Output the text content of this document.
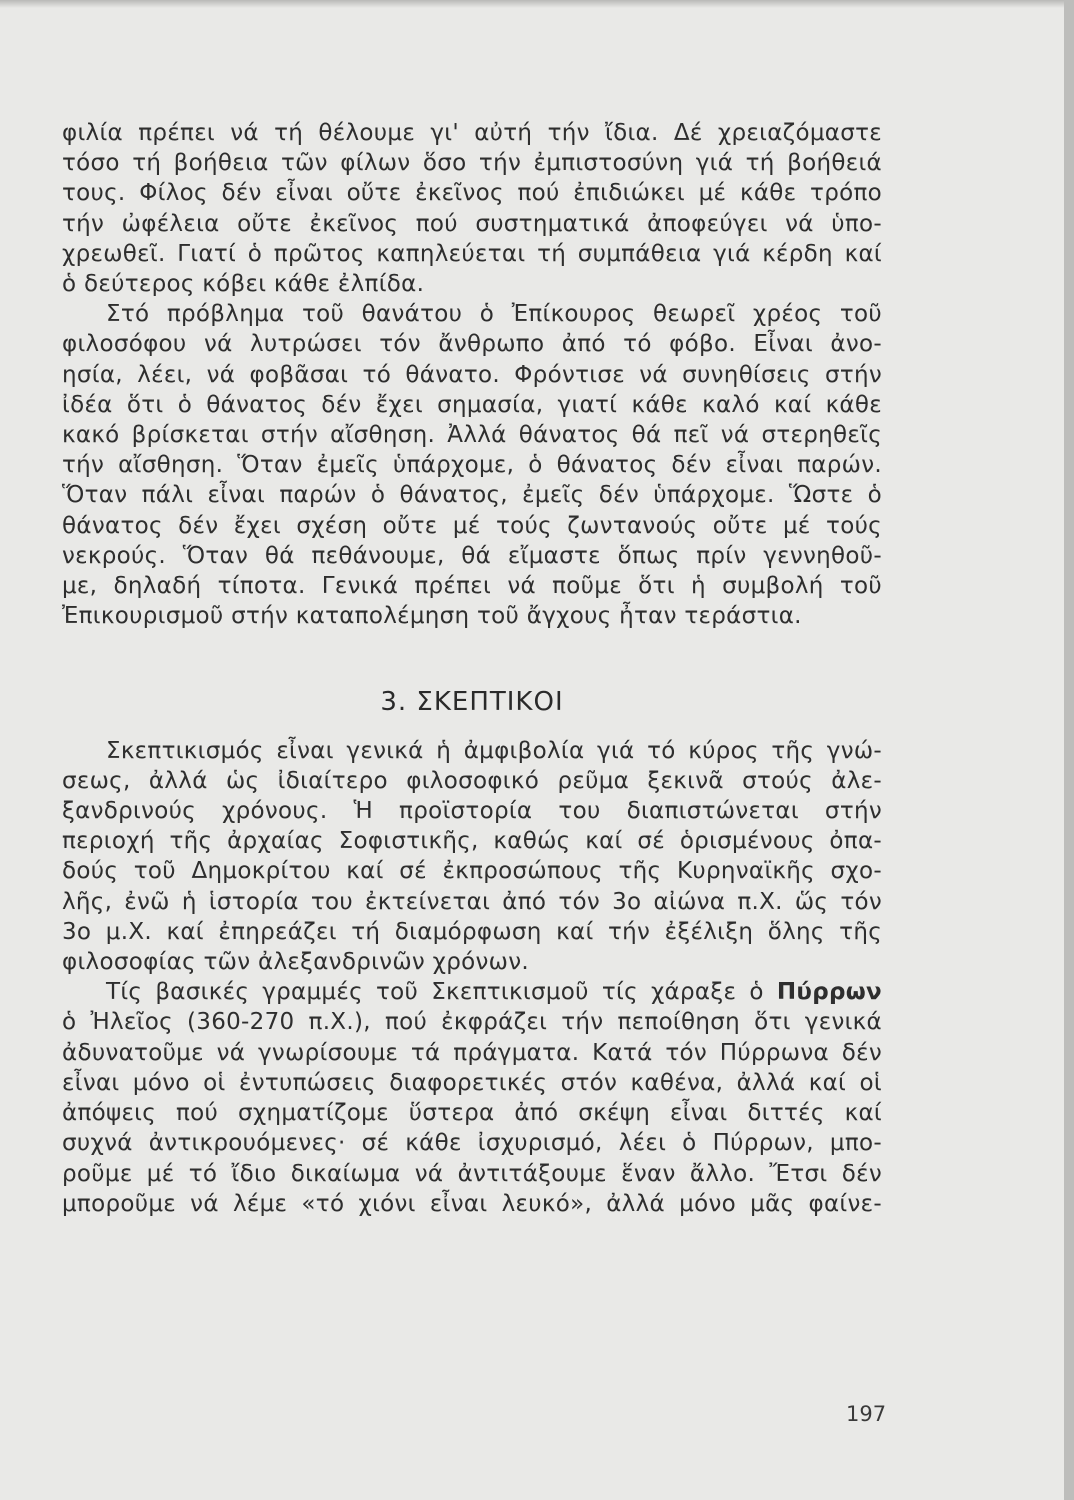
φιλία πρέπει νά τή θέλουμε γι' αὐτή τήν ἴδια. Δέ χρειαζόμαστε
τόσο τή βοήθεια τῶν φίλων ὅσο τήν ἐμπιστοσύνη γιά τή βοήθειά
τους. Φίλος δέν εἶναι οὔτε ἐκεῖνος πού ἐπιδιώκει μέ κάθε τρόπο
τήν ὠφέλεια οὔτε ἐκεῖνος πού συστηματικά ἀποφεύγει νά ὑπο-
χρεωθεῖ. Γιατί ὁ πρῶτος καπηλεύεται τή συμπάθεια γιά κέρδη καί
ὁ δεύτερος κόβει κάθε ἐλπίδα.

Στό πρόβλημα τοῦ θανάτου ὁ Ἐπίκουρος θεωρεῖ χρέος τοῦ
φιλοσόφου νά λυτρώσει τόν ἄνθρωπο ἀπό τό φόβο. Εἶναι ἀνο-
ησία, λέει, νά φοβᾶσαι τό θάνατο. Φρόντισε νά συνηθίσεις στήν
ἰδέα ὅτι ὁ θάνατος δέν ἔχει σημασία, γιατί κάθε καλό καί κάθε
κακό βρίσκεται στήν αἴσθηση. Ἀλλά θάνατος θά πεῖ νά στερηθεῖς
τήν αἴσθηση. Ὅταν ἐμεῖς ὑπάρχομε, ὁ θάνατος δέν εἶναι παρών.
Ὅταν πάλι εἶναι παρών ὁ θάνατος, ἐμεῖς δέν ὑπάρχομε. Ὥστε ὁ
θάνατος δέν ἔχει σχέση οὔτε μέ τούς ζωντανούς οὔτε μέ τούς
νεκρούς. Ὅταν θά πεθάνουμε, θά εἴμαστε ὅπως πρίν γεννηθοῦ-
με, δηλαδή τίποτα. Γενικά πρέπει νά ποῦμε ὅτι ἡ συμβολή τοῦ
Ἐπικουρισμοῦ στήν καταπολέμηση τοῦ ἄγχους ἦταν τεράστια.

3. ΣΚΕΠΤΙΚΟΙ

Σκεπτικισμός εἶναι γενικά ἡ ἀμφιβολία γιά τό κύρος τῆς γνώ-
σεως, ἀλλά ὡς ἰδιαίτερο φιλοσοφικό ρεῦμα ξεκινᾶ στούς ἀλε-
ξανδρινούς χρόνους. Ἡ προϊστορία του διαπιστώνεται στήν
περιοχή τῆς ἀρχαίας Σοφιστικῆς, καθώς καί σέ ὁρισμένους ὀπα-
δούς τοῦ Δημοκρίτου καί σέ ἐκπροσώπους τῆς Κυρηναϊκῆς σχο-
λῆς, ἐνῶ ἡ ἱστορία του ἐκτείνεται ἀπό τόν 3ο αἰώνα π.Χ. ὥς τόν
3ο μ.Χ. καί ἐπηρεάζει τή διαμόρφωση καί τήν ἐξέλιξη ὅλης τῆς
φιλοσοφίας τῶν ἀλεξανδρινῶν χρόνων.

Τίς βασικές γραμμές τοῦ Σκεπτικισμοῦ τίς χάραξε ὁ Πύρρων
ὁ Ἠλεῖος (360-270 π.Χ.), πού ἐκφράζει τήν πεποίθηση ὅτι γενικά
ἀδυνατοῦμε νά γνωρίσουμε τά πράγματα. Κατά τόν Πύρρωνα δέν
εἶναι μόνο οἱ ἐντυπώσεις διαφορετικές στόν καθένα, ἀλλά καί οἱ
ἀπόψεις πού σχηματίζομε ὕστερα ἀπό σκέψη εἶναι διττές καί
συχνά ἀντικρουόμενες· σέ κάθε ἰσχυρισμό, λέει ὁ Πύρρων, μπο-
ροῦμε μέ τό ἴδιο δικαίωμα νά ἀντιτάξουμε ἕναν ἄλλο. Ἔτσι δέν
μποροῦμε νά λέμε «τό χιόνι εἶναι λευκό», ἀλλά μόνο μᾶς φαίνε-

197
